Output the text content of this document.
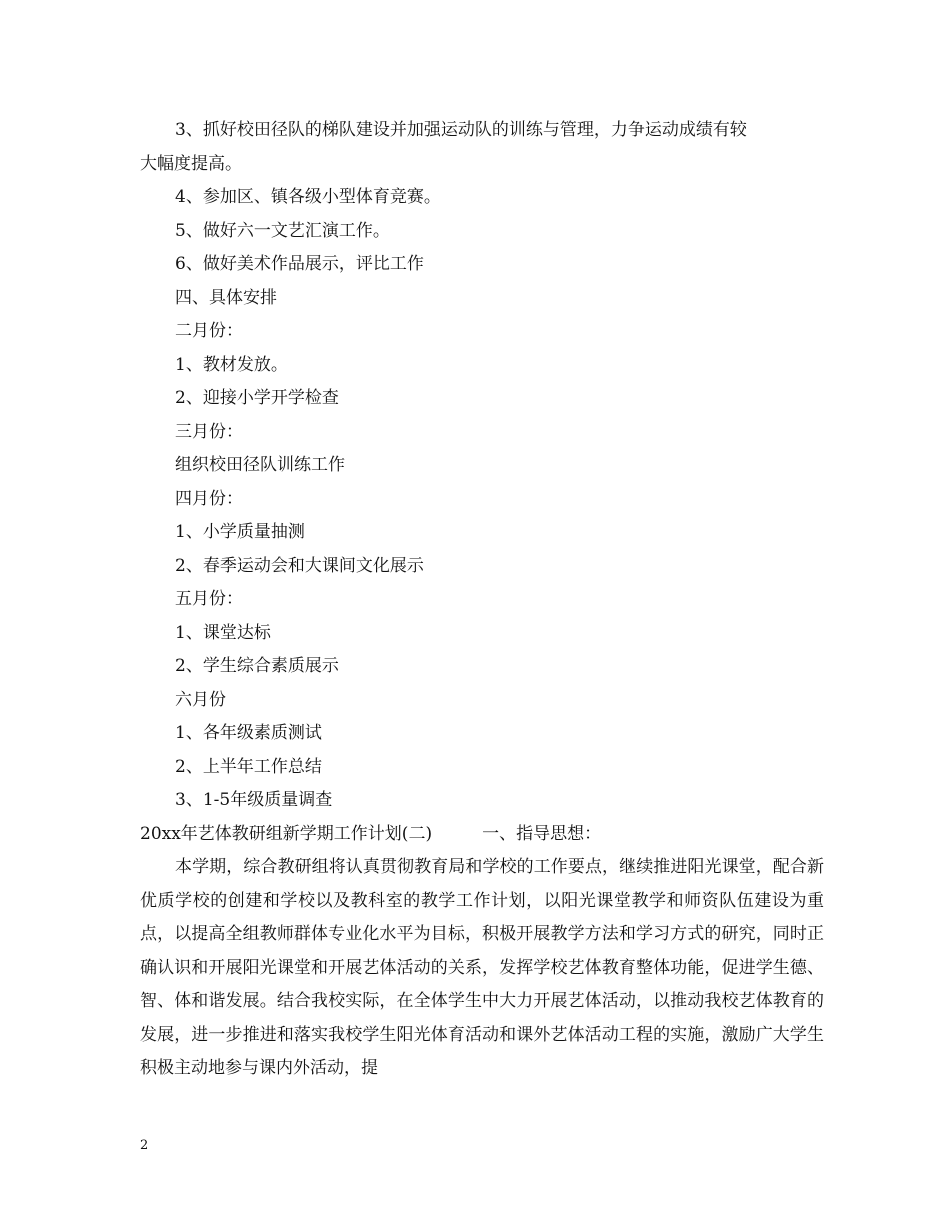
3、抓好校田径队的梯队建设并加强运动队的训练与管理，力争运动成绩有较
大幅度提高。
4、参加区、镇各级小型体育竞赛。
5、做好六一文艺汇演工作。
6、做好美术作品展示，评比工作
四、具体安排
二月份：
1、教材发放。
2、迎接小学开学检查
三月份：
组织校田径队训练工作
四月份：
1、小学质量抽测
2、春季运动会和大课间文化展示
五月份：
1、课堂达标
2、学生综合素质展示
六月份
1、各年级素质测试
2、上半年工作总结
3、1-5年级质量调查
20xx年艺体教研组新学期工作计划(二)	一、指导思想：

本学期，综合教研组将认真贯彻教育局和学校的工作要点，继续推进阳光课堂，配合新优质学校的创建和学校以及教科室的教学工作计划，以阳光课堂教学和师资队伍建设为重点，以提高全组教师群体专业化水平为目标，积极开展教学方法和学习方式的研究，同时正确认识和开展阳光课堂和开展艺体活动的关系，发挥学校艺体教育整体功能，促进学生德、智、体和谐发展。结合我校实际，在全体学生中大力开展艺体活动，以推动我校艺体教育的发展，进一步推进和落实我校学生阳光体育活动和课外艺体活动工程的实施，激励广大学生积极主动地参与课内外活动，提

2
